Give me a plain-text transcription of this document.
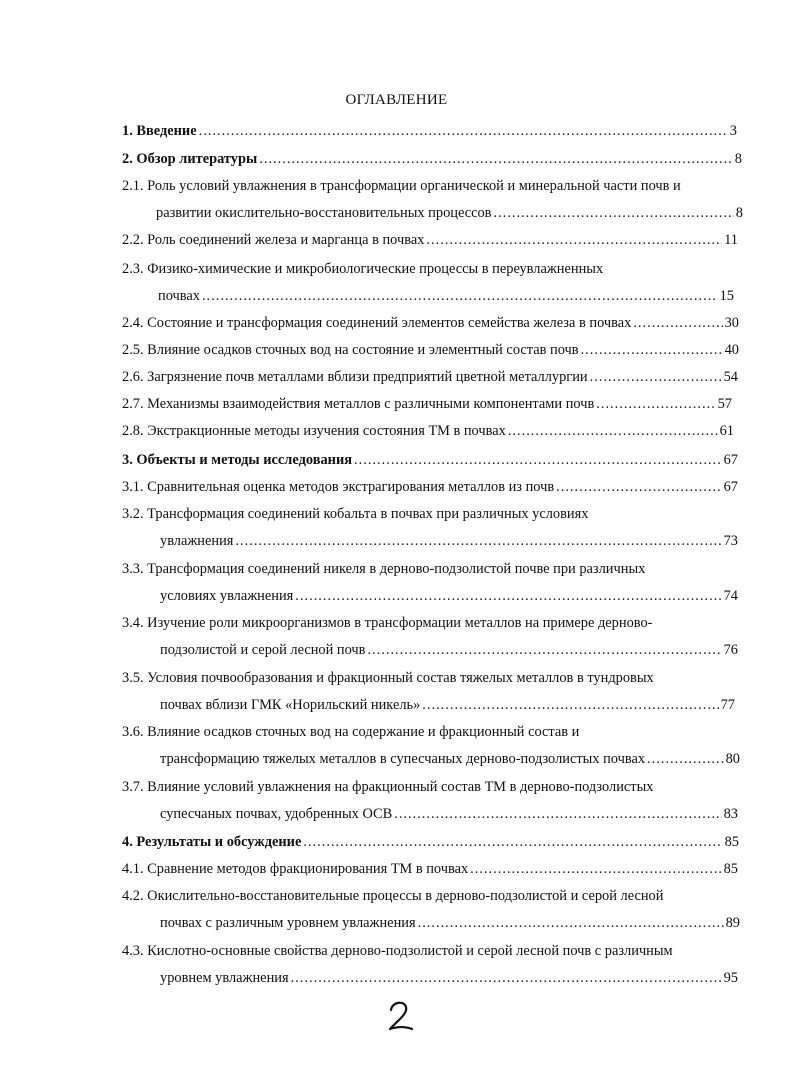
ОГЛАВЛЕНИЕ
1. Введение .....	3
2. Обзор литературы .....	8
2.1. Роль условий увлажнения в трансформации органической и минеральной части почв и
развитии окислительно-восстановительных процессов .....	8
2.2. Роль соединений железа и марганца в почвах .....	11
2.3. Физико-химические и микробиологические процессы в переувлажненных
почвах .....	15
2.4. Состояние и трансформация соединений элементов семейства железа в почвах .....	30
2.5. Влияние осадков сточных вод на состояние и элементный состав почв .....	40
2.6. Загрязнение почв металлами вблизи предприятий цветной металлургии .....	54
2.7. Механизмы взаимодействия металлов с различными компонентами почв .....	57
2.8. Экстракционные методы изучения состояния ТМ в почвах .....	61
3. Объекты и методы исследования .....	67
3.1. Сравнительная оценка методов экстрагирования металлов из почв .....	67
3.2. Трансформация соединений кобальта в почвах при различных условиях
увлажнения .....	73
3.3. Трансформация соединений никеля в дерново-подзолистой почве при различных
условиях увлажнения .....	74
3.4. Изучение роли микроорганизмов в трансформации металлов на примере дерново-
подзолистой и серой лесной почв .....	76
3.5. Условия почвообразования и фракционный состав тяжелых металлов в тундровых
почвах вблизи ГМК «Норильский никель» .....	77
3.6. Влияние осадков сточных вод на содержание и фракционный состав и
трансформацию тяжелых металлов в супесчаных дерново-подзолистых почвах .....	80
3.7. Влияние условий увлажнения на фракционный состав ТМ в дерново-подзолистых
супесчаных почвах, удобренных ОСВ .....	83
4. Результаты и обсуждение .....	85
4.1. Сравнение методов фракционирования ТМ в почвах .....	85
4.2. Окислительно-восстановительные процессы в дерново-подзолистой и серой лесной
почвах с различным уровнем увлажнения .....	89
4.3. Кислотно-основные свойства дерново-подзолистой и серой лесной почв с различным
уровнем увлажнения .....	95
